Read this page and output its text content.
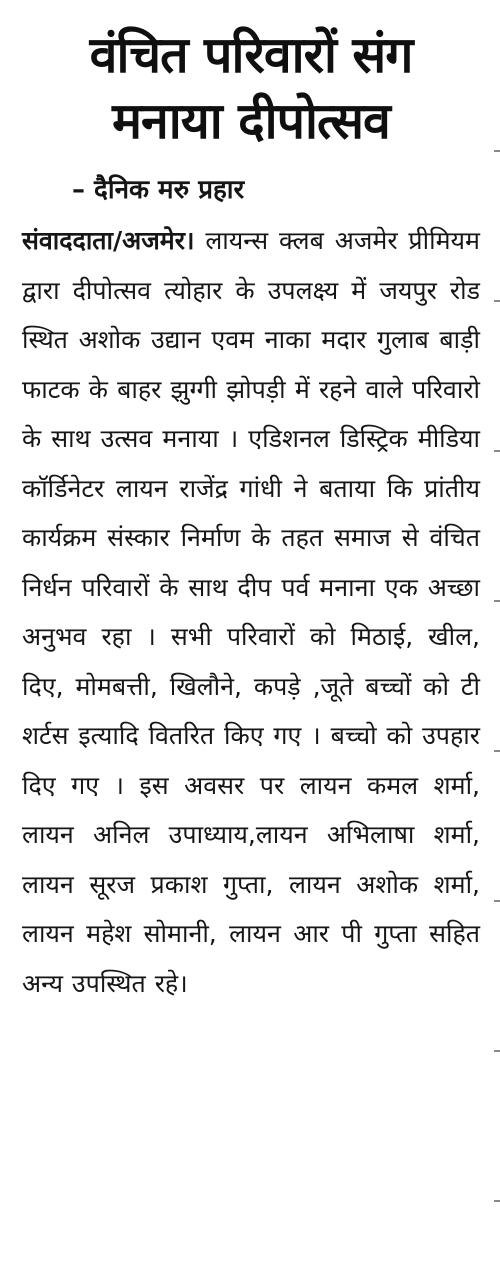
वंचित परिवारों संग
मनाया दीपोत्सव
– दैनिक मरु प्रहार

संवाददाता/अजमेर। लायन्स क्लब अजमेर प्रीमियम द्वारा दीपोत्सव त्योहार के उपलक्ष्य में जयपुर रोड स्थित अशोक उद्यान एवम नाका मदार गुलाब बाड़ी फाटक के बाहर झुग्गी झोपड़ी में रहने वाले परिवारो के साथ उत्सव मनाया । एडिशनल डिस्ट्रिक मीडिया कॉर्डिनेटर लायन राजेंद्र गांधी ने बताया कि प्रांतीय कार्यक्रम संस्कार निर्माण के तहत समाज से वंचित निर्धन परिवारों के साथ दीप पर्व मनाना एक अच्छा अनुभव रहा । सभी परिवारों को मिठाई, खील, दिए, मोमबत्ती, खिलौने, कपड़े ,जूते बच्चों को टी शर्टस इत्यादि वितरित किए गए । बच्चो को उपहार दिए गए । इस अवसर पर लायन कमल शर्मा, लायन अनिल उपाध्याय,लायन अभिलाषा शर्मा, लायन सूरज प्रकाश गुप्ता, लायन अशोक शर्मा, लायन महेश सोमानी, लायन आर पी गुप्ता सहित अन्य उपस्थित रहे।
